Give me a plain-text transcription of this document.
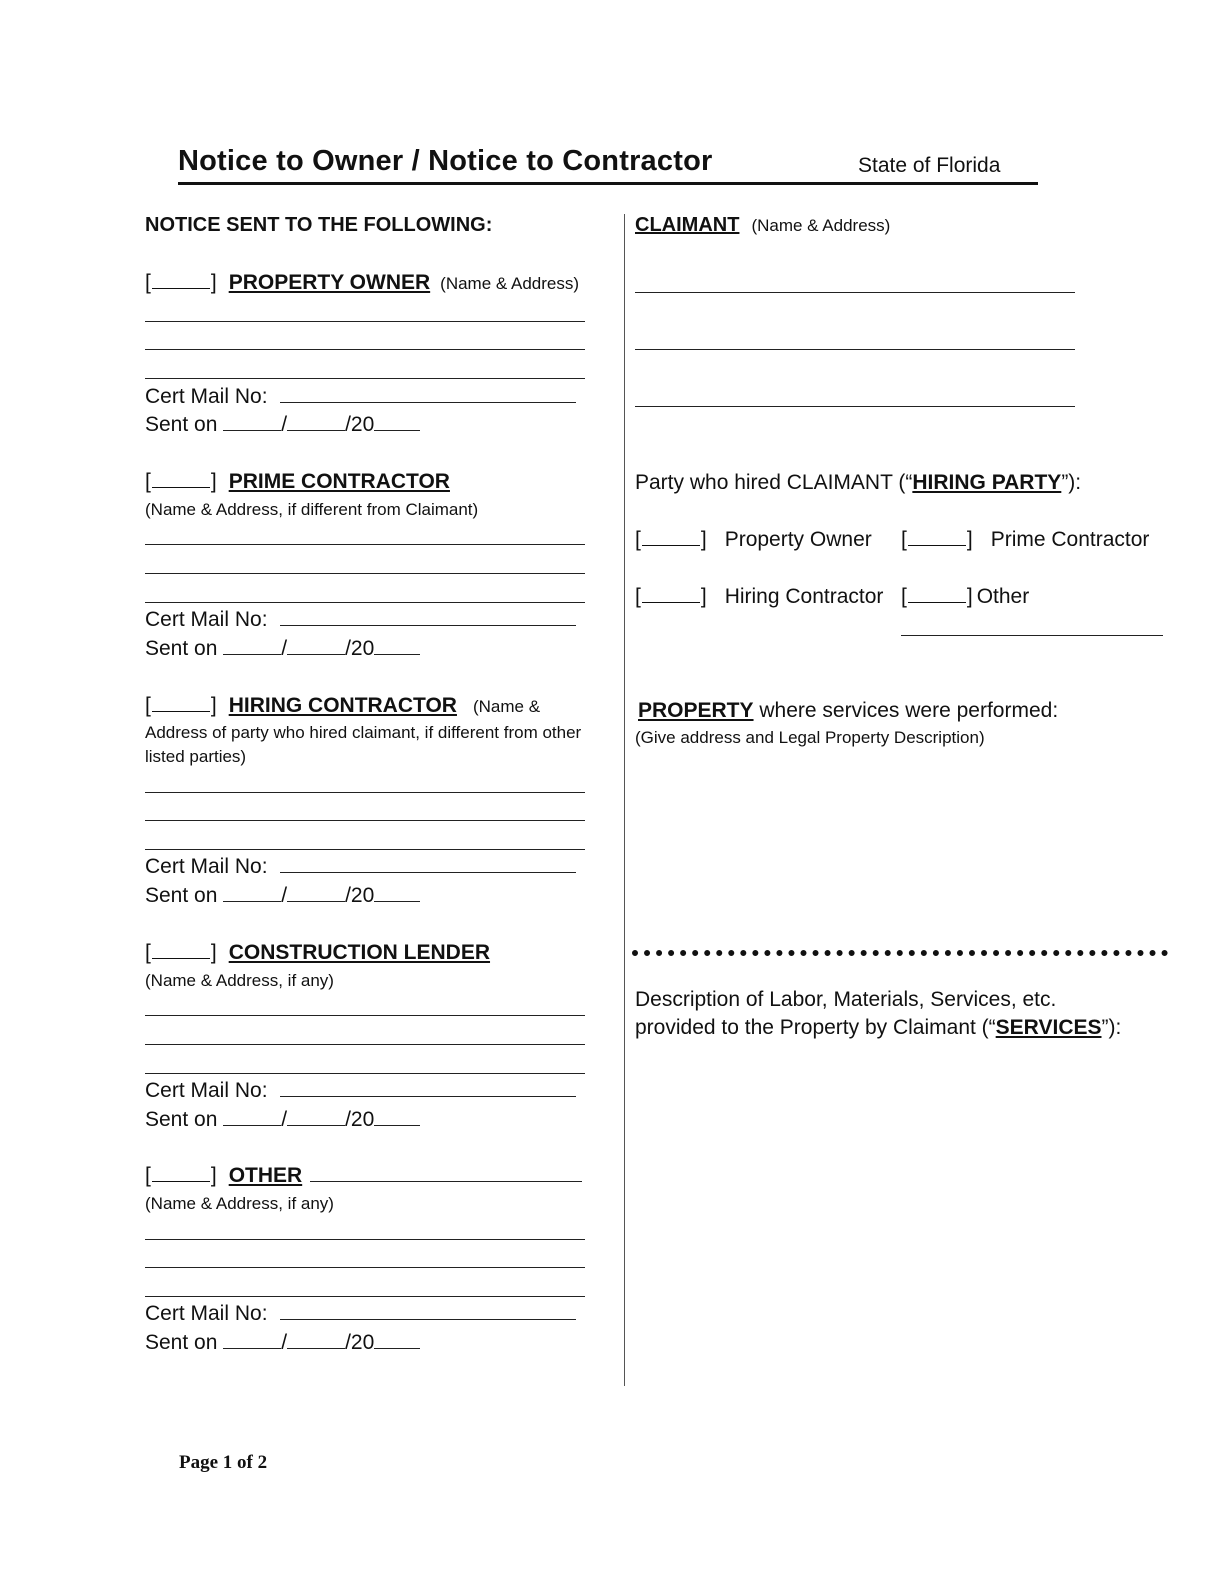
Notice to Owner / Notice to Contractor	State of Florida
NOTICE SENT TO THE FOLLOWING:
[	] PROPERTY OWNER (Name & Address)
Cert Mail No:
Sent on	/	/20
[	] PRIME CONTRACTOR
(Name & Address, if different from Claimant)
Cert Mail No:
Sent on	/	/20
[	] HIRING CONTRACTOR (Name &
Address of party who hired claimant, if different from other listed parties)
Cert Mail No:
Sent on	/	/20
[	] CONSTRUCTION LENDER
(Name & Address, if any)
Cert Mail No:
Sent on	/	/20
[	] OTHER
(Name & Address, if any)
Cert Mail No:
Sent on	/	/20
CLAIMANT (Name & Address)
Party who hired CLAIMANT (“HIRING PARTY”):
[	] Property Owner [	] Prime Contractor
[	] Hiring Contractor [	] Other
PROPERTY where services were performed:
(Give address and Legal Property Description)
Description of Labor, Materials, Services, etc.
provided to the Property by Claimant (“SERVICES”):
Page 1 of 2
